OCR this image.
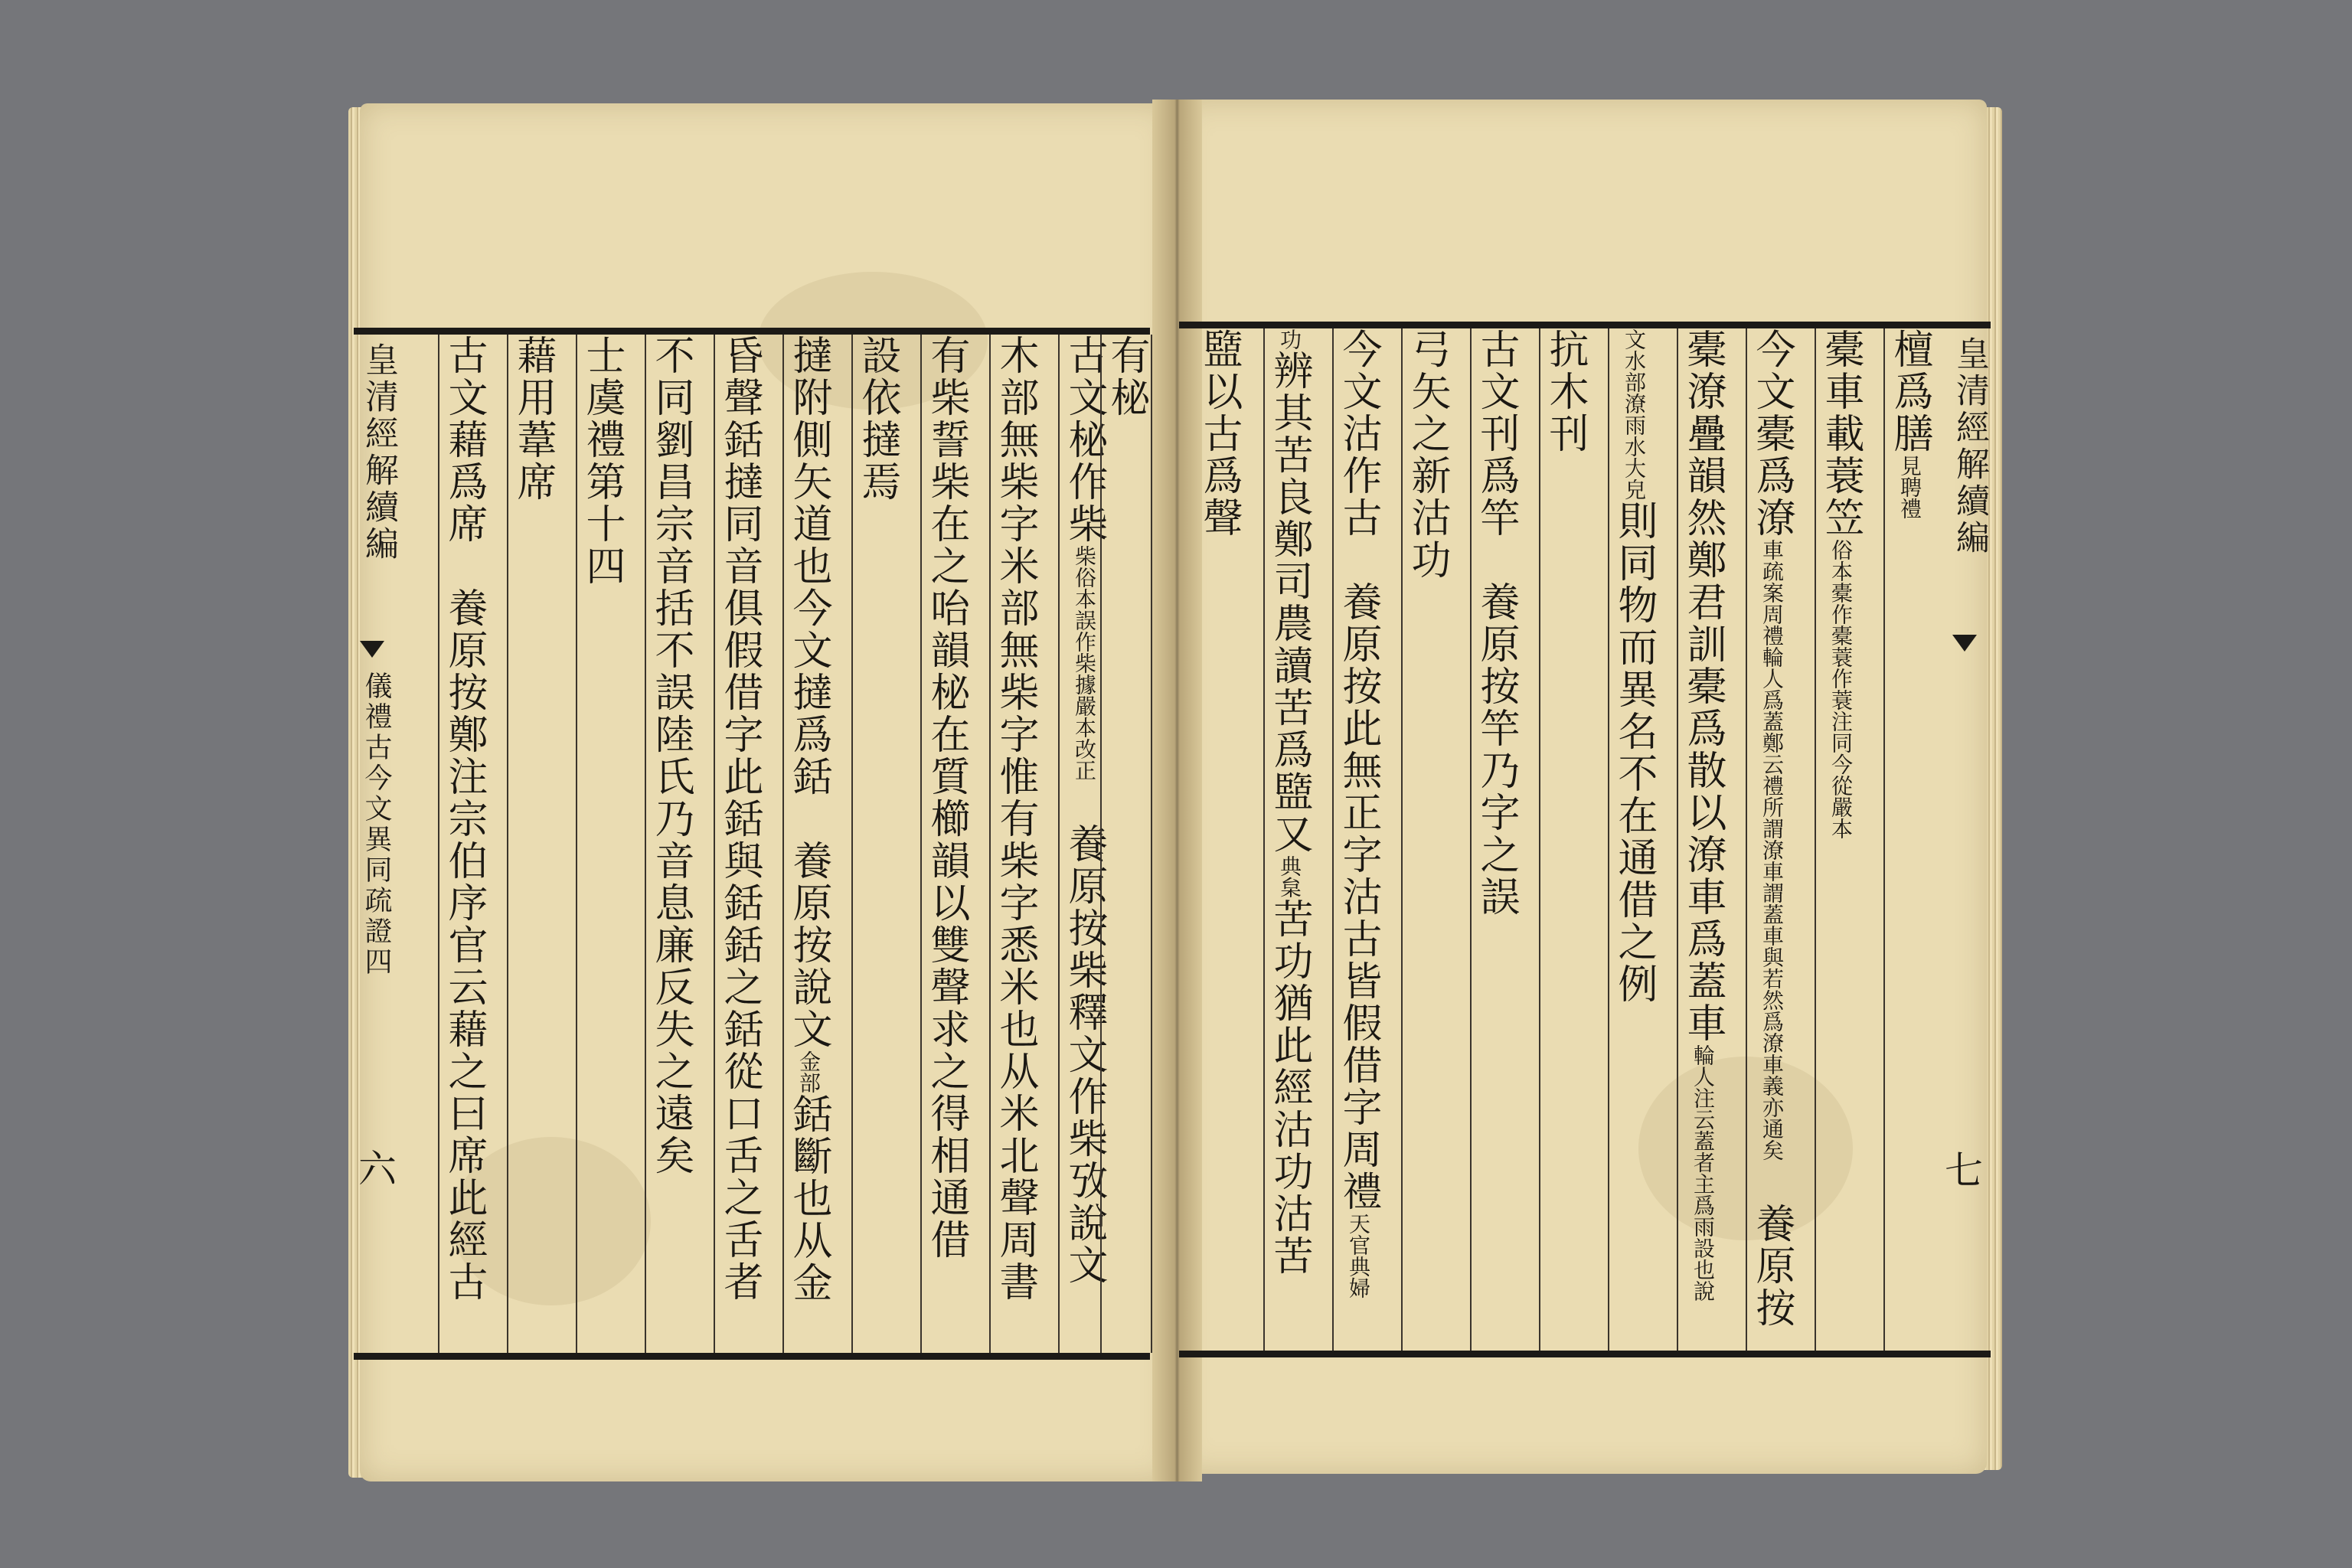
皇清經解續編
儀禮古今文異同疏證四
六
古文藉爲席　養原按鄭注宗伯序官云藉之曰席此經古
藉用葦席 士虞禮第十四 不同劉昌宗音括不誤陸氏乃音息廉反失之遠矣 昏聲銛撻同音俱假借字此銛與銛銛之銛從口舌之舌者 撻附側矢道也今文撻爲銛　養原按說文金部銛斷也从金
設依撻焉 有柴誓柴在之咍韻柲在質櫛韻以雙聲求之得相通借 木部無柴字米部無柴字惟有柴字悉米也从米北聲周書 古文柲作柴柴俗本誤作柴據嚴本改正　養原按柴釋文作柴攷說文
有柲 盬以古爲聲	功辨其苦良鄭司農讀苦爲盬又典枲苦功猶此經沽功沽苦
今文沽作古　養原按此無正字沽古皆假借字周禮天官典婦
弓矢之新沽功 古文刊爲竿　養原按竿乃字之誤
抗木刊	文水部潦雨水大皃則同物而異名不在通借之例 橐潦疊韻然鄭君訓橐爲散以潦車爲蓋車輪人注云蓋者主爲雨設也說
今文橐爲潦車疏案周禮輪人爲蓋鄭云禮所謂潦車謂蓋車與若然爲潦車義亦通矣　養原按
橐車載蓑笠俗本橐作橐蓑作蓑注同今從嚴本
檀爲膳見聘禮 皇清經解續編
七
